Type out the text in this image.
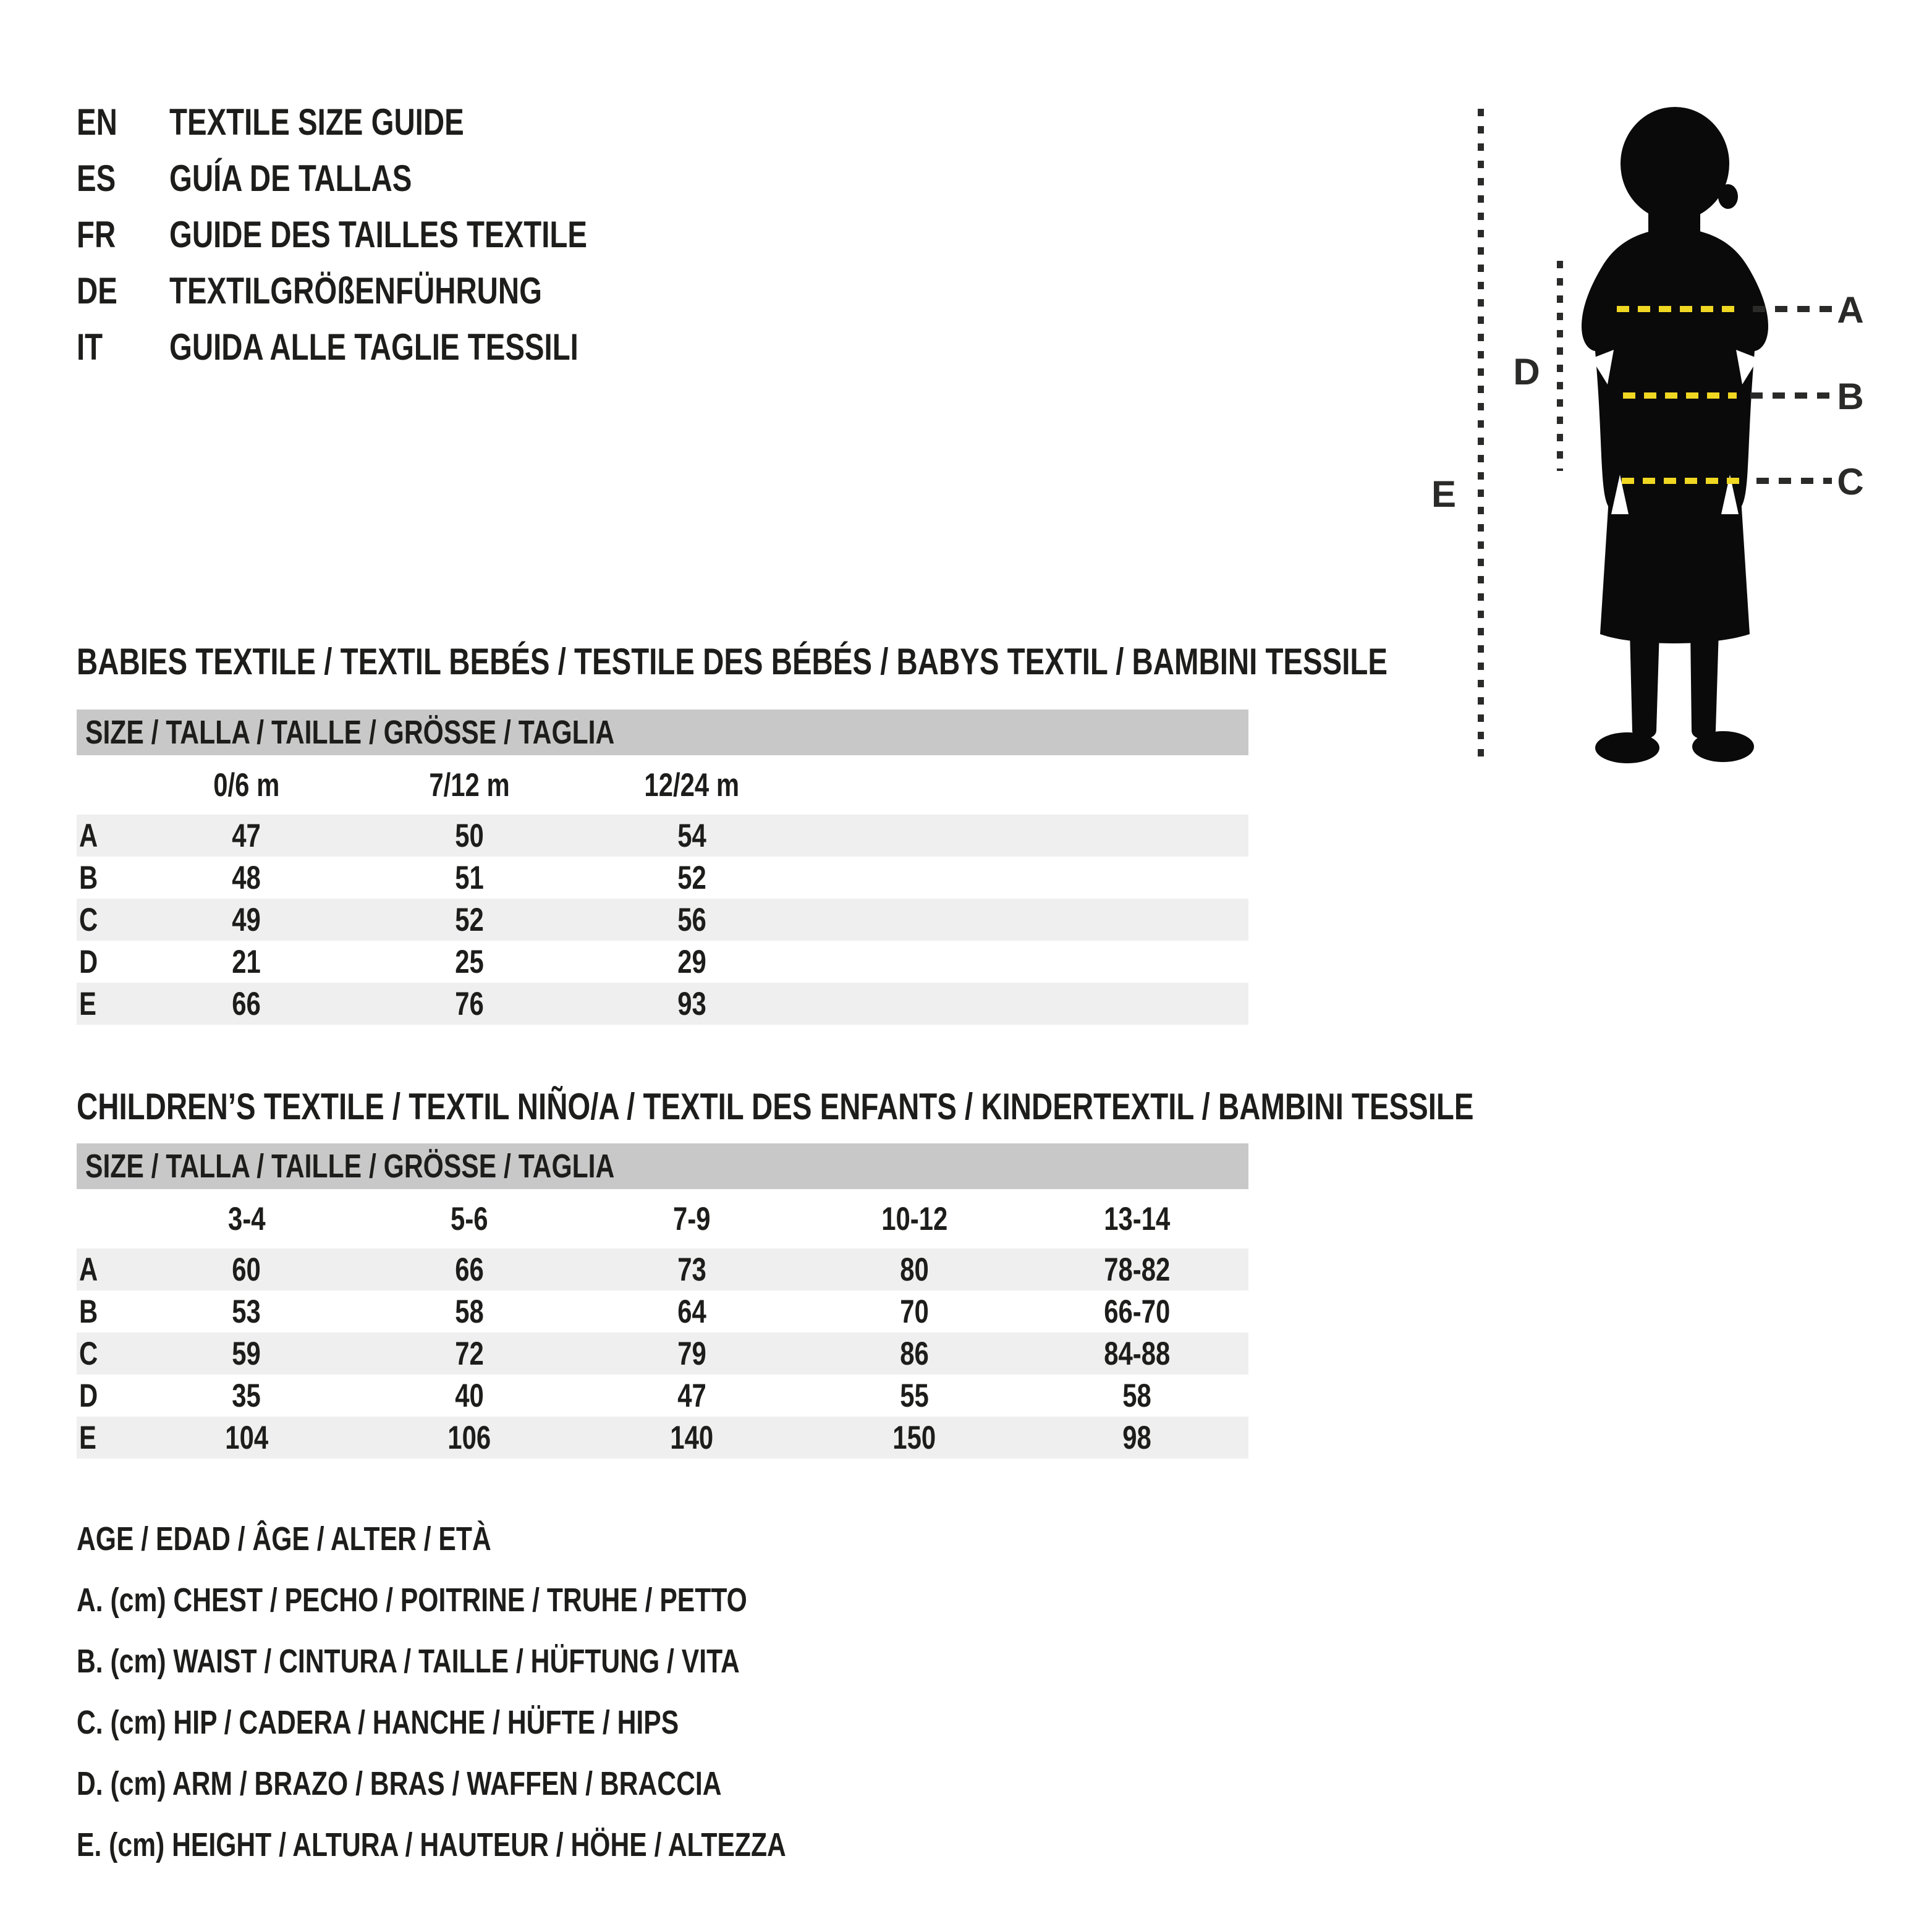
EN	TEXTILE SIZE GUIDE
ES	GUÍA DE TALLAS
FR	GUIDE DES TAILLES TEXTILE
DE	TEXTILGRÖßENFÜHRUNG
IT	GUIDA ALLE TAGLIE TESSILI
A
B
C
D
E
BABIES TEXTILE / TEXTIL BEBÉS / TESTILE DES BÉBÉS / BABYS TEXTIL / BAMBINI TESSILE
SIZE / TALLA / TAILLE / GRÖSSE / TAGLIA
	0/6 m	7/12 m	12/24 m	
A	47	50	54	
B	48	51	52	
C	49	52	56	
D	21	25	29	
E	66	76	93	
CHILDREN’S TEXTILE / TEXTIL NIÑO/A / TEXTIL DES ENFANTS / KINDERTEXTIL / BAMBINI TESSILE
SIZE / TALLA / TAILLE / GRÖSSE / TAGLIA
	3-4	5-6	7-9	10-12	13-14
A	60	66	73	80	78-82
B	53	58	64	70	66-70
C	59	72	79	86	84-88
D	35	40	47	55	58
E	104	106	140	150	98
AGE / EDAD / ÂGE / ALTER / ETÀ
A. (cm) CHEST / PECHO / POITRINE / TRUHE / PETTO
B. (cm) WAIST / CINTURA / TAILLE / HÜFTUNG / VITA
C. (cm) HIP / CADERA / HANCHE / HÜFTE / HIPS
D. (cm) ARM / BRAZO / BRAS / WAFFEN / BRACCIA
E. (cm) HEIGHT / ALTURA / HAUTEUR / HÖHE / ALTEZZA
